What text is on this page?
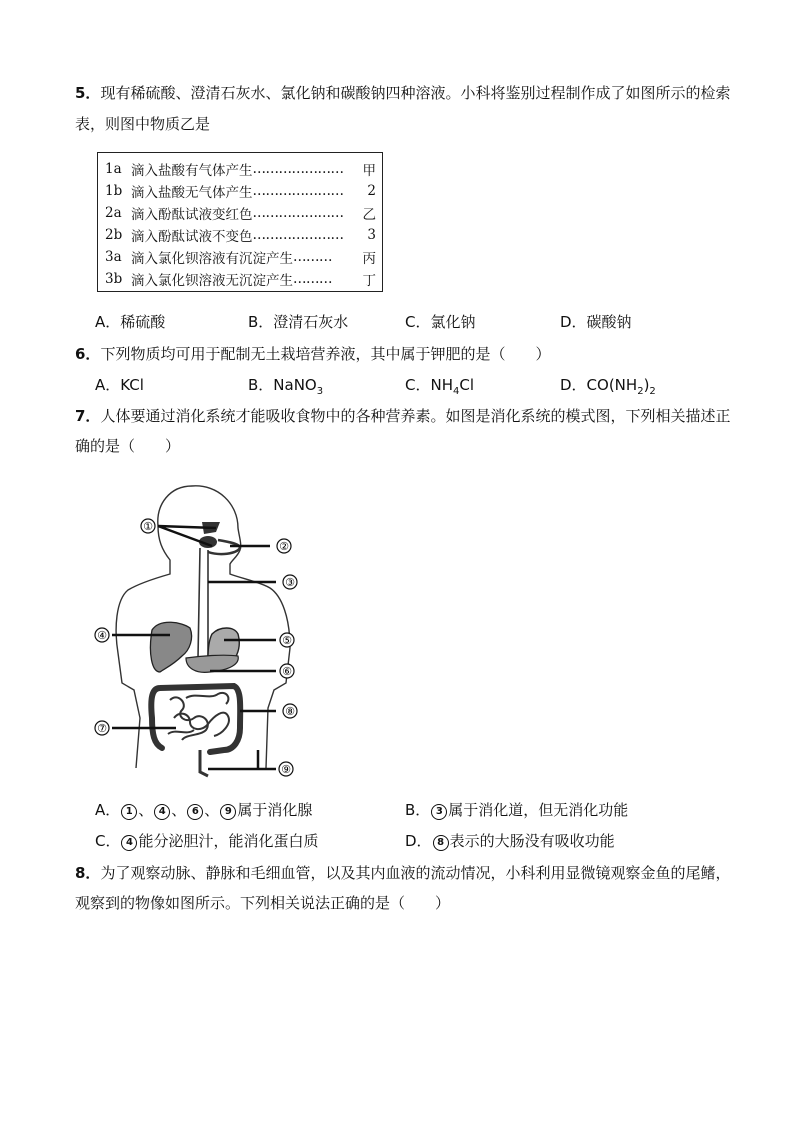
5．现有稀硫酸、澄清石灰水、氯化钠和碳酸钠四种溶液。小科将鉴别过程制作成了如图所示的检索
表，则图中物质乙是
1a 滴入盐酸有气体产生 …………………	甲
1b 滴入盐酸无气体产生 …………………	2
2a 滴入酚酞试液变红色 …………………	乙
2b 滴入酚酞试液不变色 …………………	3
3a 滴入氯化钡溶液有沉淀产生 ………	丙
3b 滴入氯化钡溶液无沉淀产生 ………	丁
A．稀硫酸	B．澄清石灰水	C．氯化钠	D．碳酸钠
6．下列物质均可用于配制无土栽培营养液，其中属于钾肥的是（　　）
A．KCl	B．NaNO$_3$	C．$NH_4Cl$	D．$CO(NH_2)_2$
7．人体要通过消化系统才能吸收食物中的各种营养素。如图是消化系统的模式图，下列相关描述正
确的是（　　）
①
②
③
④	⑤
⑥
⑦
⑧
⑨
A． 1 、 4 、 6 、 9 属于消化腺	B． 3 属于消化道，但无消化功能
C． 4 能分泌胆汁，能消化蛋白质	D． 8 表示的大肠没有吸收功能
8．为了观察动脉、静脉和毛细血管，以及其内血液的流动情况，小科利用显微镜观察金鱼的尾鳍，
观察到的物像如图所示。下列相关说法正确的是（　　）
